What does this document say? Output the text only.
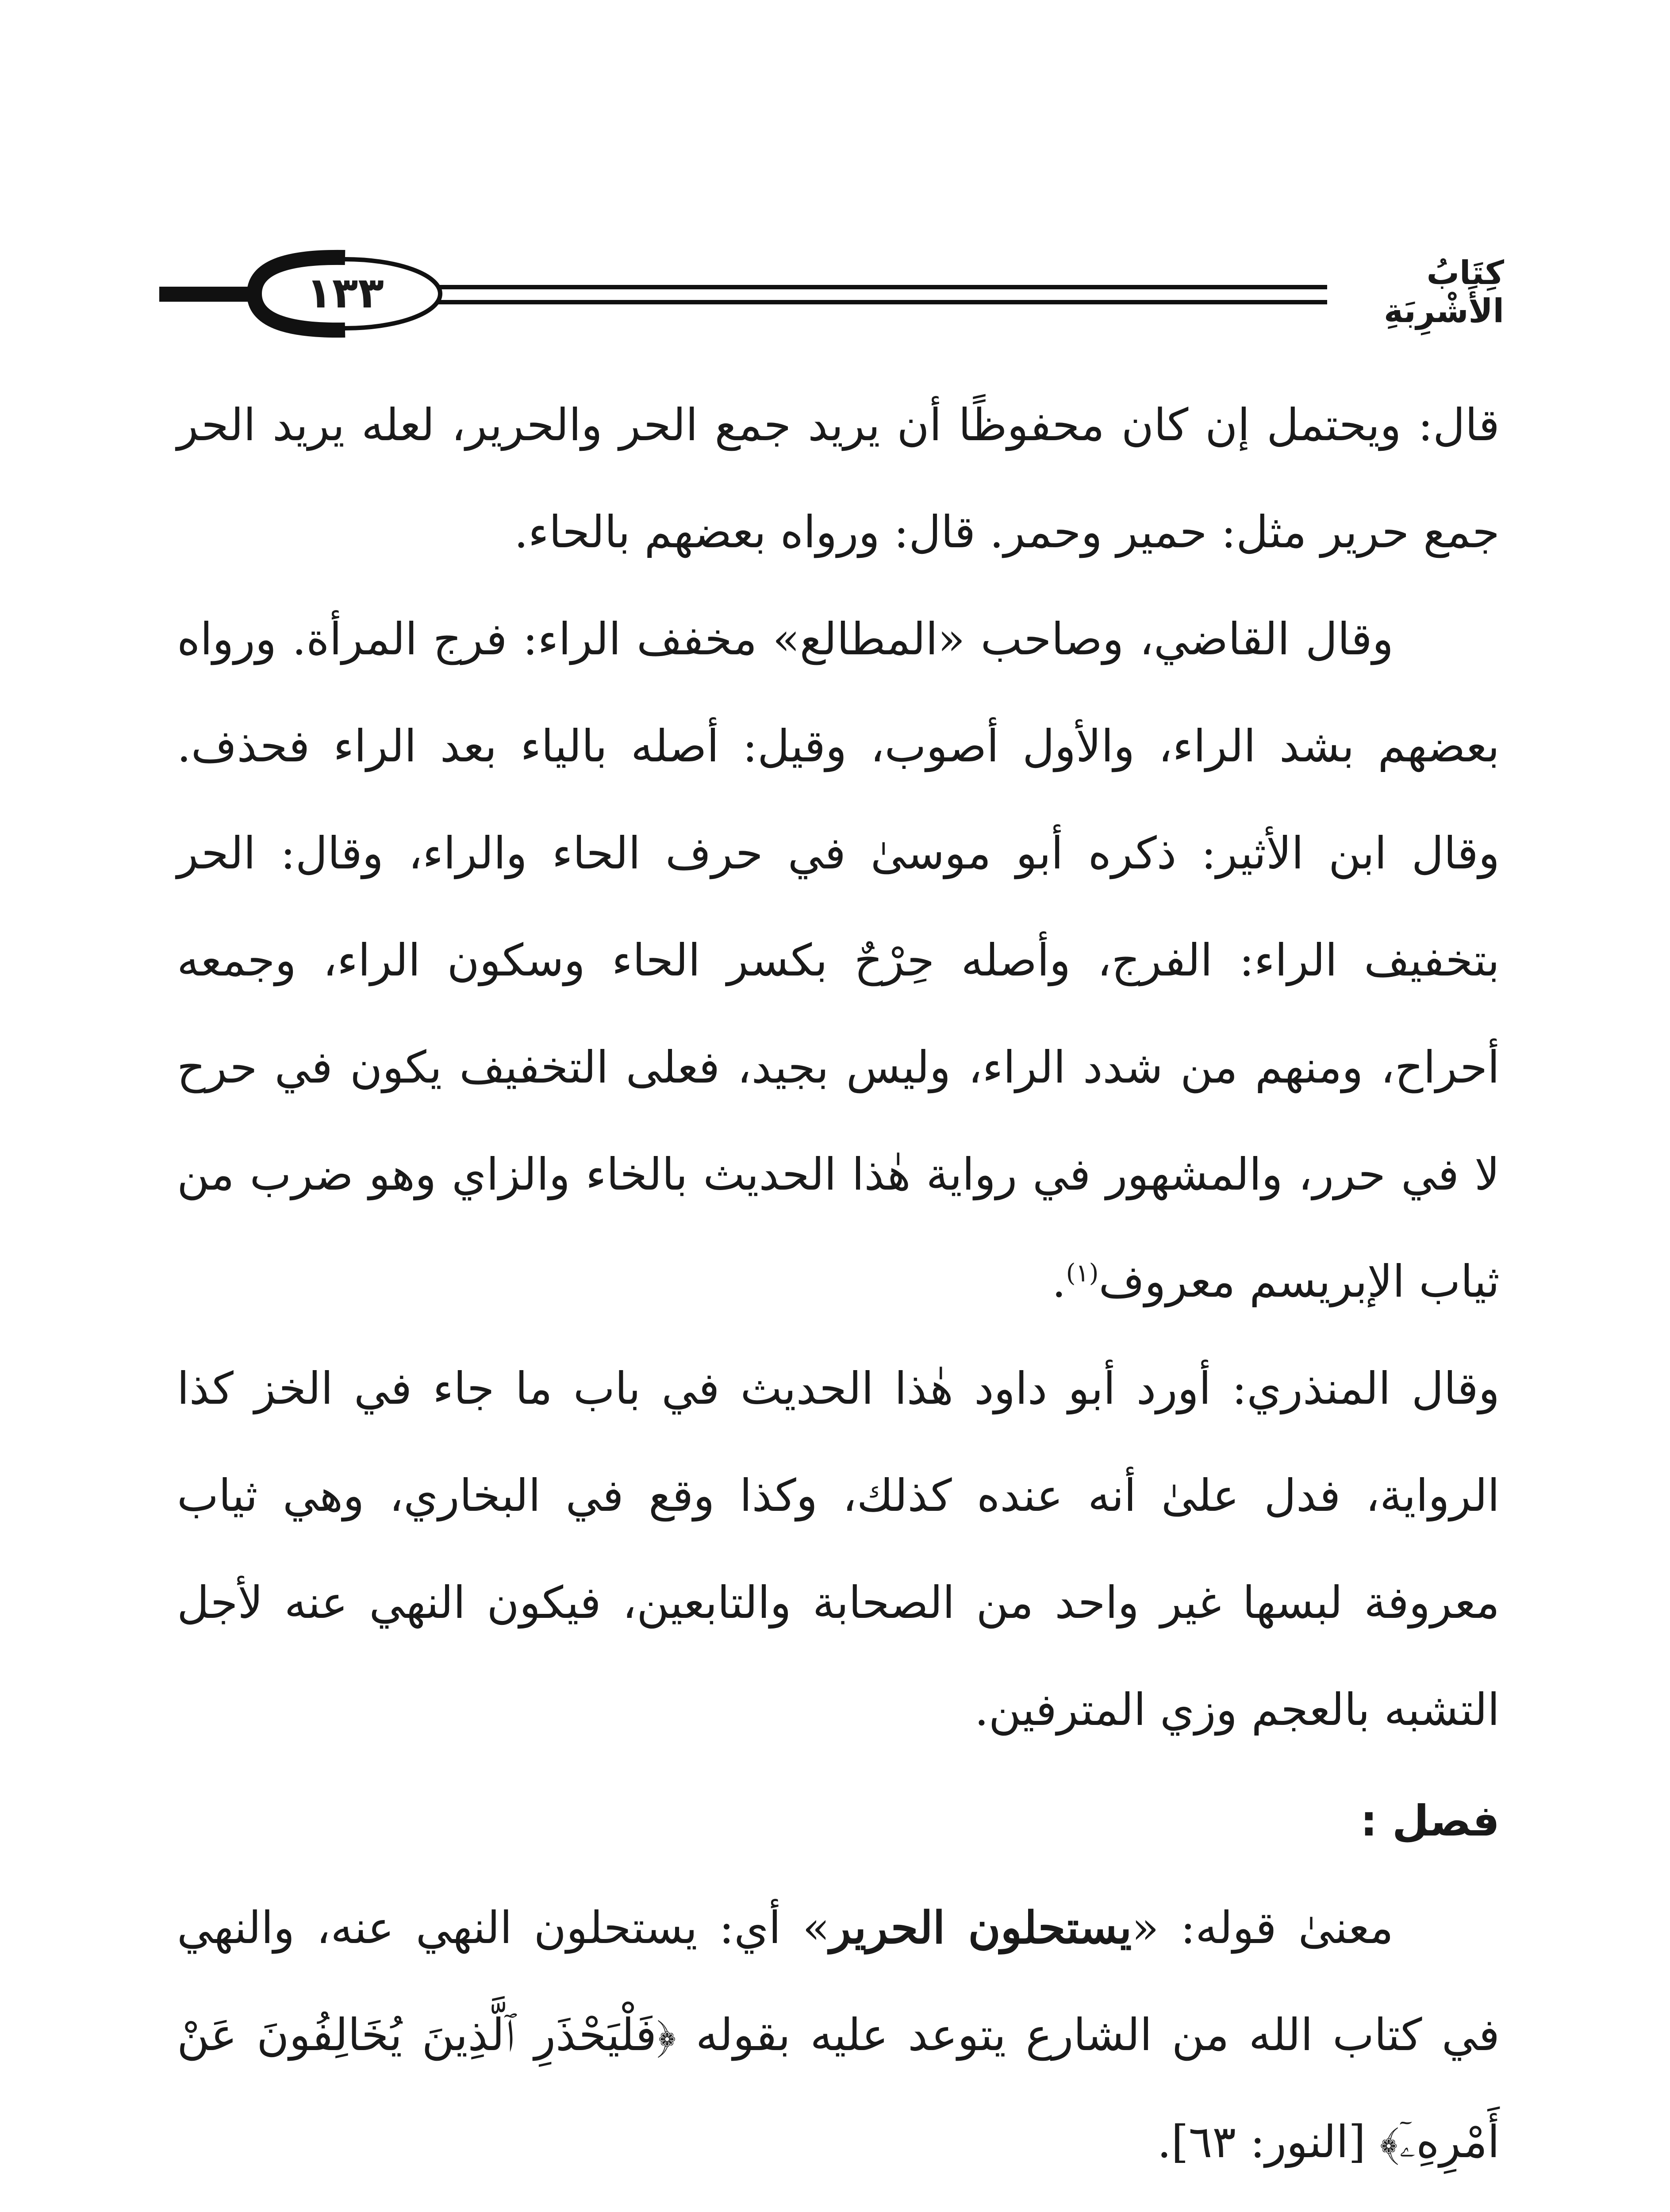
كِتَابُ الأَشْرِبَةِ
١٣٣

قال: ويحتمل إن كان محفوظًا أن يريد جمع الحر والحرير، لعله يريد الحر جمع حرير مثل: حمير وحمر. قال: ورواه بعضهم بالحاء.

وقال القاضي، وصاحب «المطالع» مخفف الراء: فرج المرأة. ورواه بعضهم بشد الراء، والأول أصوب، وقيل: أصله بالياء بعد الراء فحذف. وقال ابن الأثير: ذكره أبو موسىٰ في حرف الحاء والراء، وقال: الحر بتخفيف الراء: الفرج، وأصله حِرْحٌ بكسر الحاء وسكون الراء، وجمعه أحراح، ومنهم من شدد الراء، وليس بجيد، فعلى التخفيف يكون في حرح لا في حرر، والمشهور في رواية هٰذا الحديث بالخاء والزاي وهو ضرب من ثياب الإبريسم معروف$^{(١)}$.

وقال المنذري: أورد أبو داود هٰذا الحديث في باب ما جاء في الخز كذا الرواية، فدل علىٰ أنه عنده كذلك، وكذا وقع في البخاري، وهي ثياب معروفة لبسها غير واحد من الصحابة والتابعين، فيكون النهي عنه لأجل التشبه بالعجم وزي المترفين.

فصل :

معنىٰ قوله: «يستحلون الحرير» أي: يستحلون النهي عنه، والنهي في كتاب الله من الشارع يتوعد عليه بقوله ﴿فَلْيَحْذَرِ ٱلَّذِينَ يُخَالِفُونَ عَنْ أَمْرِهِۦٓ﴾ [النور: ٦٣].
